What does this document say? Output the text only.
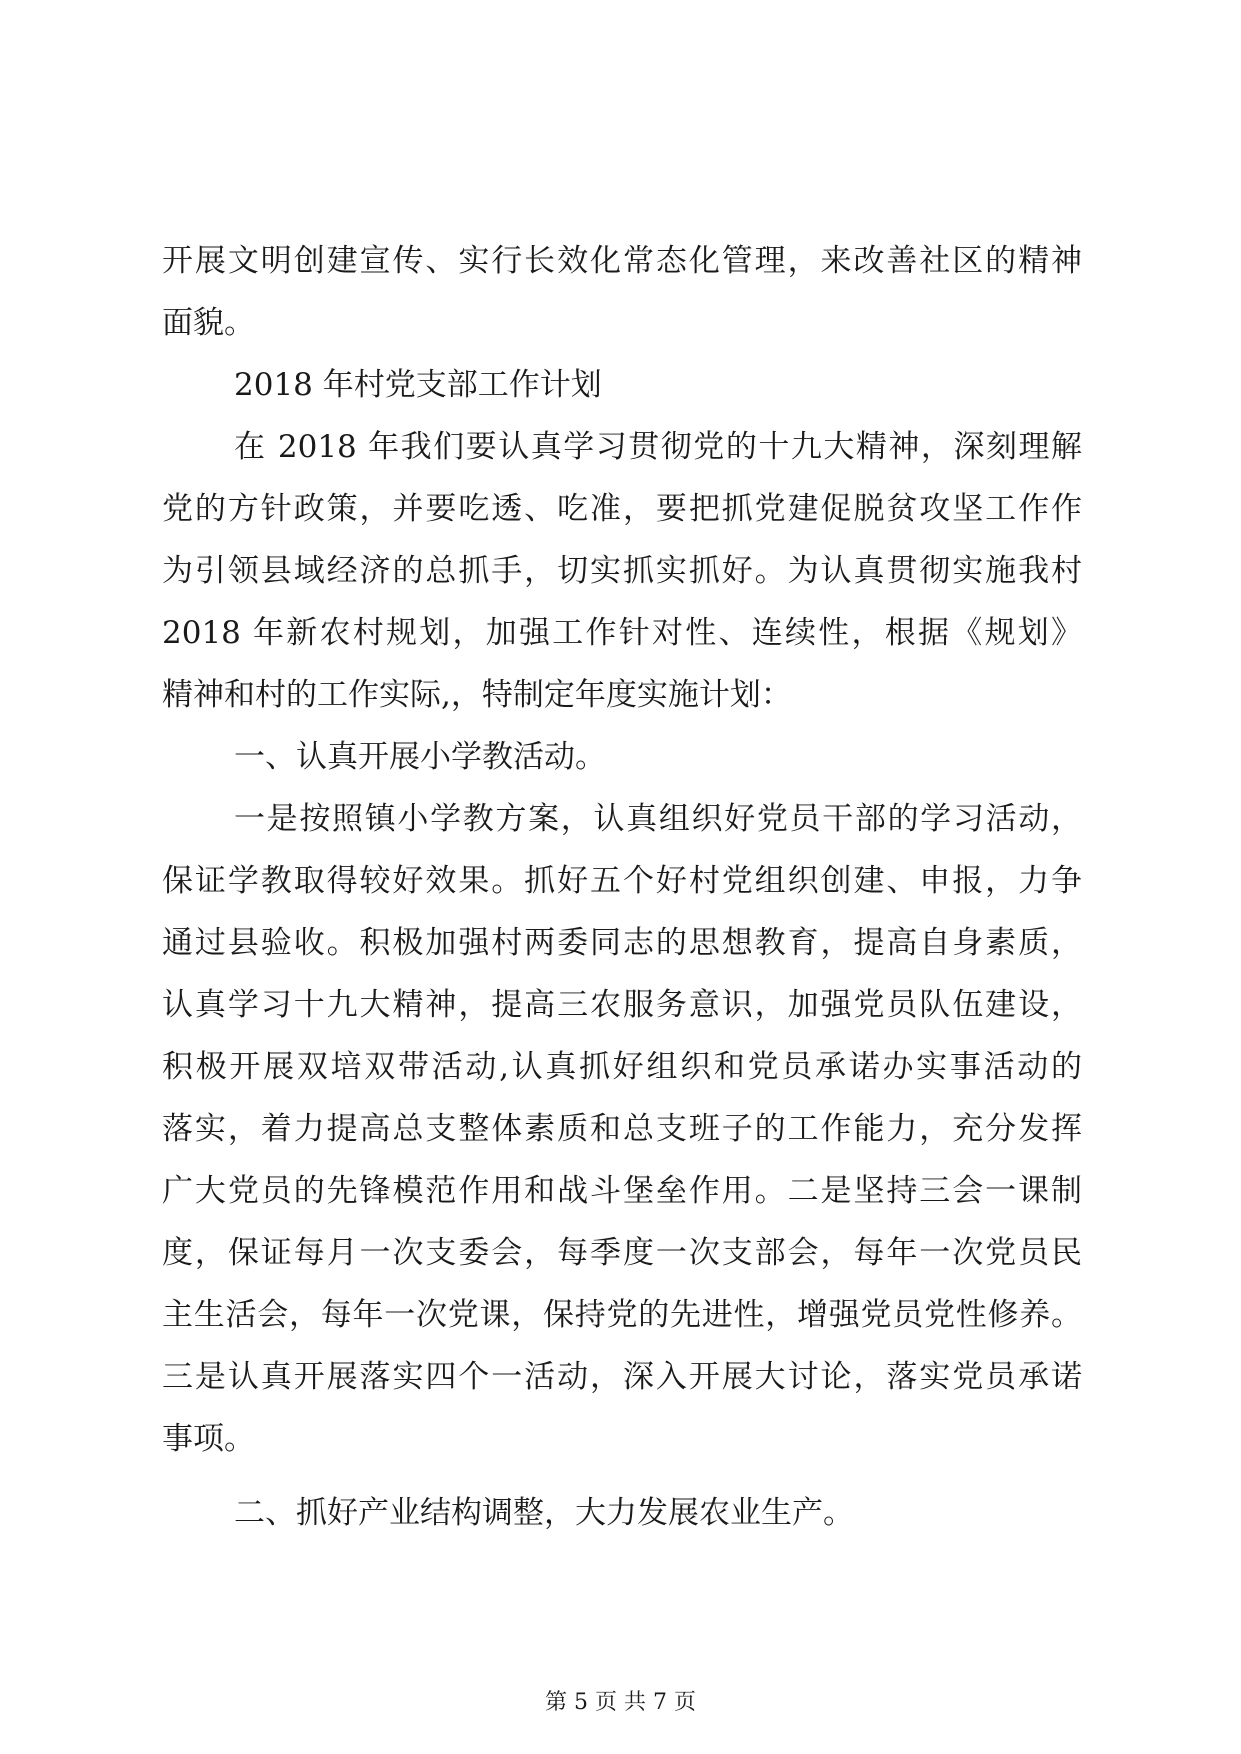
开展文明创建宣传、实行长效化常态化管理，来改善社区的精神
面貌。
2018 年村党支部工作计划
在 2018 年我们要认真学习贯彻党的十九大精神，深刻理解
党的方针政策，并要吃透、吃准，要把抓党建促脱贫攻坚工作作
为引领县域经济的总抓手，切实抓实抓好。为认真贯彻实施我村
2018 年新农村规划，加强工作针对性、连续性，根据《规划》
精神和村的工作实际,，特制定年度实施计划：
一、认真开展小学教活动。
一是按照镇小学教方案，认真组织好党员干部的学习活动，
保证学教取得较好效果。抓好五个好村党组织创建、申报，力争
通过县验收。积极加强村两委同志的思想教育，提高自身素质，
认真学习十九大精神，提高三农服务意识，加强党员队伍建设，
积极开展双培双带活动,认真抓好组织和党员承诺办实事活动的
落实，着力提高总支整体素质和总支班子的工作能力，充分发挥
广大党员的先锋模范作用和战斗堡垒作用。二是坚持三会一课制
度，保证每月一次支委会，每季度一次支部会，每年一次党员民
主生活会，每年一次党课，保持党的先进性，增强党员党性修养。
三是认真开展落实四个一活动，深入开展大讨论，落实党员承诺
事项。
二、抓好产业结构调整，大力发展农业生产。
第 5 页 共 7 页
